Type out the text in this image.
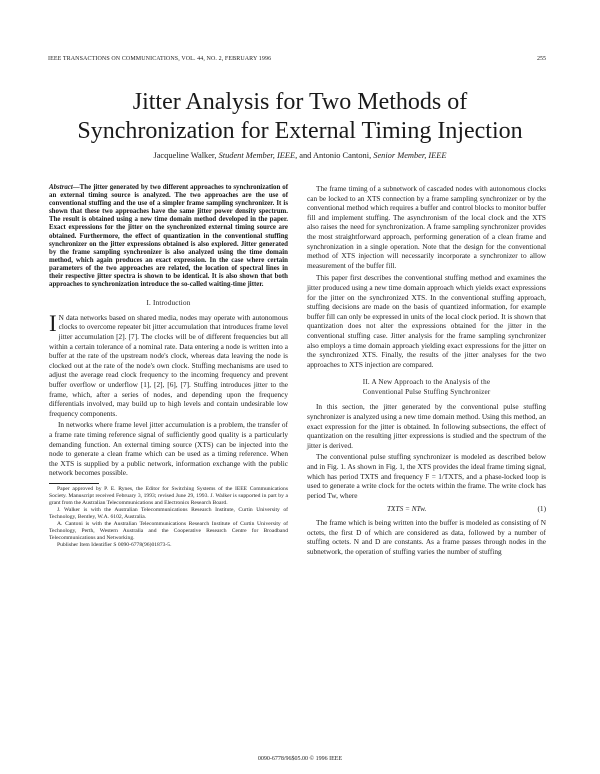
IEEE TRANSACTIONS ON COMMUNICATIONS, VOL. 44, NO. 2, FEBRUARY 1996	255
Jitter Analysis for Two Methods of
Synchronization for External Timing Injection
Jacqueline Walker, Student Member, IEEE, and Antonio Cantoni, Senior Member, IEEE

Abstract—The jitter generated by two different approaches to synchronization of an external timing source is analyzed. The two approaches are the use of conventional stuffing and the use of a simpler frame sampling synchronizer. It is shown that these two approaches have the same jitter power density spectrum. The result is obtained using a new time domain method developed in the paper. Exact expressions for the jitter on the synchronized external timing source are obtained. Furthermore, the effect of quantization in the conventional stuffing synchronizer on the jitter expressions obtained is also explored. Jitter generated by the frame sampling synchronizer is also analyzed using the time domain method, which again produces an exact expression. In the case where certain parameters of the two approaches are related, the location of spectral lines in their respective jitter spectra is shown to be identical. It is also shown that both approaches to synchronization introduce the so-called waiting-time jitter.

I. Introduction

I N data networks based on shared media, nodes may operate with autonomous clocks to overcome repeater bit jitter accumulation that introduces frame level jitter accumulation [2]. [7]. The clocks will be of different frequencies but all within a certain tolerance of a nominal rate. Data entering a node is written into a buffer at the rate of the upstream node's clock, whereas data leaving the node is clocked out at the rate of the node's own clock. Stuffing mechanisms are used to adjust the average read clock frequency to the incoming frequency and prevent buffer overflow or underflow [1], [2], [6], [7]. Stuffing introduces jitter to the frame, which, after a series of nodes, and depending upon the frequency differentials involved, may build up to high levels and contain undesirable low frequency components.

In networks where frame level jitter accumulation is a problem, the transfer of a frame rate timing reference signal of sufficiently good quality is a particularly demanding function. An external timing source (XTS) can be injected into the node to generate a clean frame which can be used as a timing reference. When the XTS is supplied by a public network, information exchange with the public network becomes possible.

Paper approved by P. E. Rynes, the Editor for Switching Systems of the IEEE Communications Society. Manuscript received February 3, 1993; revised June 29, 1993. J. Walker is supported in part by a grant from the Australian Telecommunications and Electronics Research Board.

J. Walker is with the Australian Telecommunications Research Institute, Curtin University of Technology, Bentley, W.A. 6102, Australia.

A. Cantoni is with the Australian Telecommunications Research Institute of Curtin University of Technology, Perth, Western Australia and the Cooperative Research Centre for Broadband Telecommunications and Networking.

Publisher Item Identifier S 0090-6778(96)01873-5.

The frame timing of a subnetwork of cascaded nodes with autonomous clocks can be locked to an XTS connection by a frame sampling synchronizer or by the conventional method which requires a buffer and control blocks to monitor buffer fill and implement stuffing. The asynchronism of the local clock and the XTS also raises the need for synchronization. A frame sampling synchronizer provides the most straightforward approach, performing generation of a clean frame and synchronization in a single operation. Note that the design for the conventional method of XTS injection will necessarily incorporate a synchronizer to allow measurement of the buffer fill.

This paper first describes the conventional stuffing method and examines the jitter produced using a new time domain approach which yields exact expressions for the jitter on the synchronized XTS. In the conventional stuffing approach, stuffing decisions are made on the basis of quantized information, for example buffer fill can only be expressed in units of the local clock period. It is shown that quantization does not alter the expressions obtained for the jitter in the conventional stuffing case. Jitter analysis for the frame sampling synchronizer also employs a time domain approach yielding exact expressions for the jitter on the synchronized XTS. Finally, the results of the jitter analyses for the two approaches to XTS injection are compared.

II. A New Approach to the Analysis of the
Conventional Pulse Stuffing Synchronizer

In this section, the jitter generated by the conventional pulse stuffing synchronizer is analyzed using a new time domain method. Using this method, an exact expression for the jitter is obtained. In following subsections, the effect of quantization on the resulting jitter expressions is studied and the spectrum of the jitter is derived.

The conventional pulse stuffing synchronizer is modeled as described below and in Fig. 1. As shown in Fig. 1, the XTS provides the ideal frame timing signal, which has period TXTS and frequency F = 1/TXTS, and a phase-locked loop is used to generate a write clock for the octets within the frame. The write clock has period Tw, where

TXTS = NTw.	(1)

The frame which is being written into the buffer is modeled as consisting of N octets, the first D of which are considered as data, followed by a number of stuffing octets. N and D are constants. As a frame passes through nodes in the subnetwork, the operation of stuffing varies the number of stuffing

0090-6778/96$05.00 © 1996 IEEE
